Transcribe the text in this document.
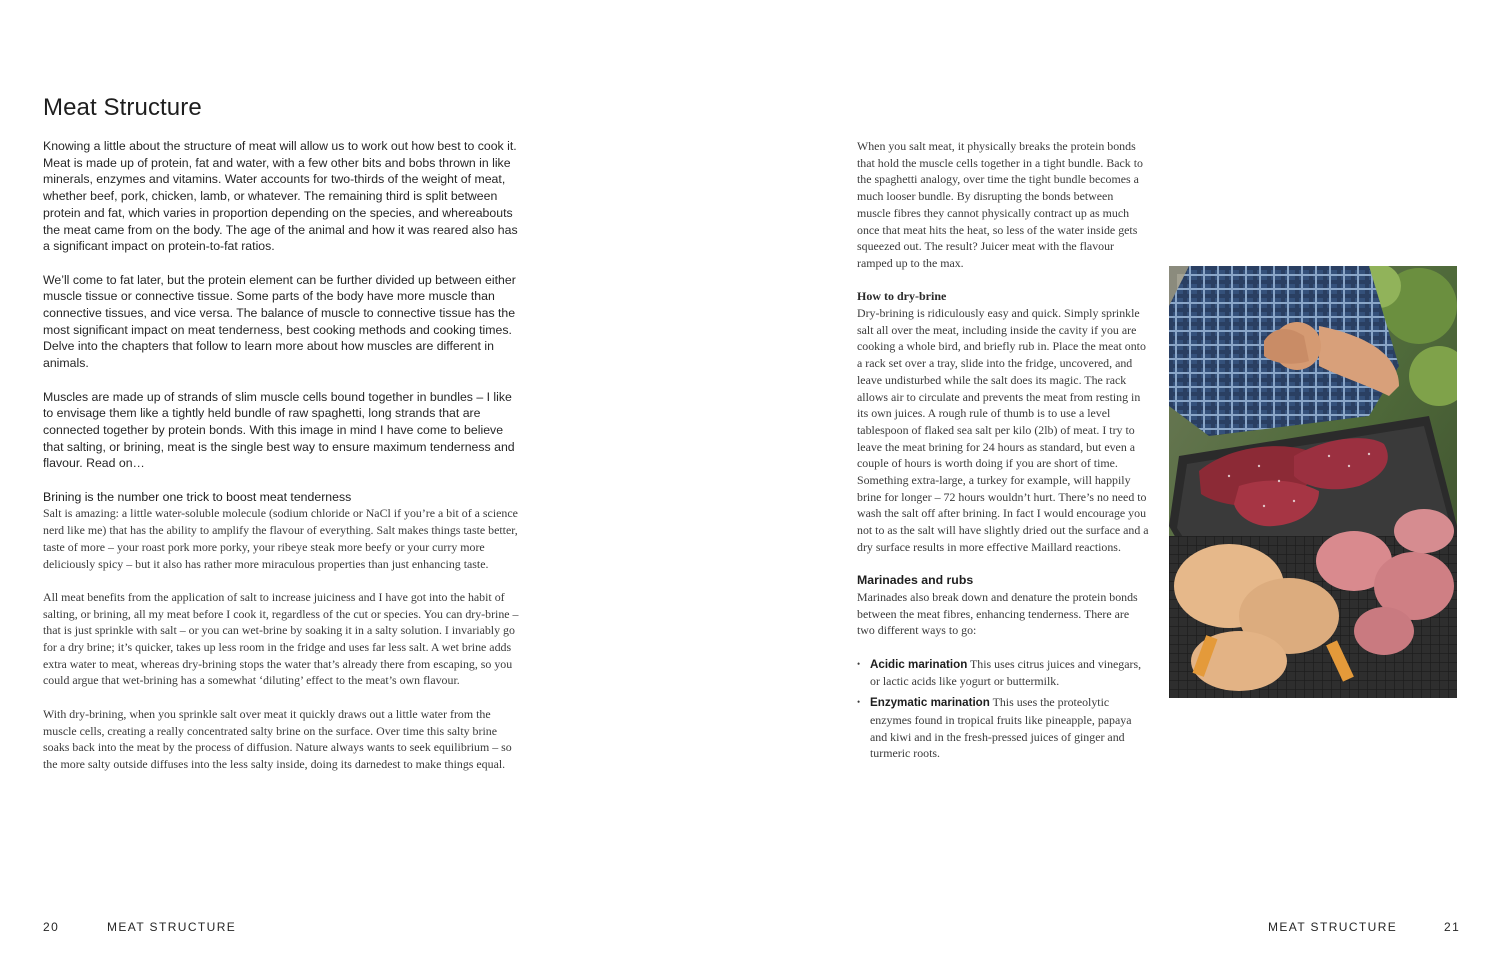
Meat Structure

Knowing a little about the structure of meat will allow us to work out how best to cook it. Meat is made up of protein, fat and water, with a few other bits and bobs thrown in like minerals, enzymes and vitamins. Water accounts for two-thirds of the weight of meat, whether beef, pork, chicken, lamb, or whatever. The remaining third is split between protein and fat, which varies in proportion depending on the species, and whereabouts the meat came from on the body. The age of the animal and how it was reared also has a significant impact on protein-to-fat ratios.

We’ll come to fat later, but the protein element can be further divided up between either muscle tissue or connective tissue. Some parts of the body have more muscle than connective tissues, and vice versa. The balance of muscle to connective tissue has the most significant impact on meat tenderness, best cooking methods and cooking times. Delve into the chapters that follow to learn more about how muscles are different in animals.

Muscles are made up of strands of slim muscle cells bound together in bundles – I like to envisage them like a tightly held bundle of raw spaghetti, long strands that are connected together by protein bonds. With this image in mind I have come to believe that salting, or brining, meat is the single best way to ensure maximum tenderness and flavour. Read on…

Brining is the number one trick to boost meat tenderness

Salt is amazing: a little water-soluble molecule (sodium chloride or NaCl if you’re a bit of a science nerd like me) that has the ability to amplify the flavour of everything. Salt makes things taste better, taste of more – your roast pork more porky, your ribeye steak more beefy or your curry more deliciously spicy – but it also has rather more miraculous properties than just enhancing taste.

All meat benefits from the application of salt to increase juiciness and I have got into the habit of salting, or brining, all my meat before I cook it, regardless of the cut or species. You can dry-brine – that is just sprinkle with salt – or you can wet-brine by soaking it in a salty solution. I invariably go for a dry brine; it’s quicker, takes up less room in the fridge and uses far less salt. A wet brine adds extra water to meat, whereas dry-brining stops the water that’s already there from escaping, so you could argue that wet-brining has a somewhat ‘diluting’ effect to the meat’s own flavour.

With dry-brining, when you sprinkle salt over meat it quickly draws out a little water from the muscle cells, creating a really concentrated salty brine on the surface. Over time this salty brine soaks back into the meat by the process of diffusion. Nature always wants to seek equilibrium – so the more salty outside diffuses into the less salty inside, doing its darnedest to make things equal.

When you salt meat, it physically breaks the protein bonds that hold the muscle cells together in a tight bundle. Back to the spaghetti analogy, over time the tight bundle becomes a much looser bundle. By disrupting the bonds between muscle fibres they cannot physically contract up as much once that meat hits the heat, so less of the water inside gets squeezed out. The result? Juicer meat with the flavour ramped up to the max.

How to dry-brine

Dry-brining is ridiculously easy and quick. Simply sprinkle salt all over the meat, including inside the cavity if you are cooking a whole bird, and briefly rub in. Place the meat onto a rack set over a tray, slide into the fridge, uncovered, and leave undisturbed while the salt does its magic. The rack allows air to circulate and prevents the meat from resting in its own juices. A rough rule of thumb is to use a level tablespoon of flaked sea salt per kilo (2lb) of meat. I try to leave the meat brining for 24 hours as standard, but even a couple of hours is worth doing if you are short of time. Something extra-large, a turkey for example, will happily brine for longer – 72 hours wouldn’t hurt. There’s no need to wash the salt off after brining. In fact I would encourage you not to as the salt will have slightly dried out the surface and a dry surface results in more effective Maillard reactions.

Marinades and rubs

Marinades also break down and denature the protein bonds between the meat fibres, enhancing tenderness. There are two different ways to go:

• Acidic marination This uses citrus juices and vinegars, or lactic acids like yogurt or buttermilk.
• Enzymatic marination This uses the proteolytic enzymes found in tropical fruits like pineapple, papaya and kiwi and in the fresh-pressed juices of ginger and turmeric roots.
20	MEAT STRUCTURE	MEAT STRUCTURE	21
